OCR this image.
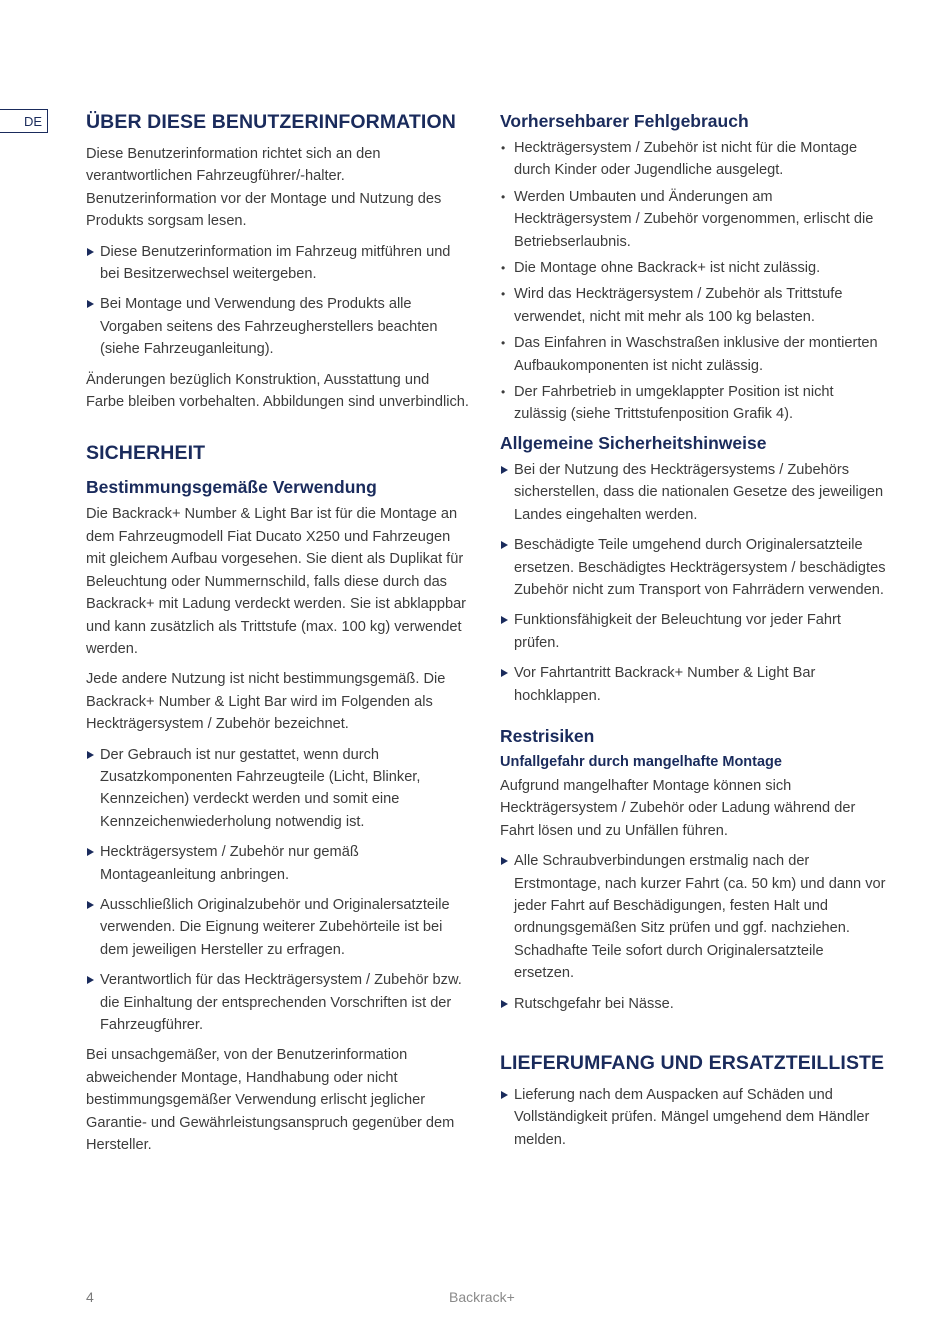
DE	ÜBER DIESE BENUTZERINFORMATION

Diese Benutzerinformation richtet sich an den verantwortlichen Fahrzeugführer/-halter. Benutzerinformation vor der Montage und Nutzung des Produkts sorgsam lesen.

Diese Benutzerinformation im Fahrzeug mitführen und bei Besitzerwechsel weitergeben.
Bei Montage und Verwendung des Produkts alle Vorgaben seitens des Fahrzeugherstellers beachten (siehe Fahrzeuganleitung).

Änderungen bezüglich Konstruktion, Ausstattung und Farbe bleiben vorbehalten. Abbildungen sind unverbindlich.

SICHERHEIT
Bestimmungsgemäße Verwendung

Die Backrack+ Number & Light Bar ist für die Montage an dem Fahrzeugmodell Fiat Ducato X250 und Fahrzeugen mit gleichem Aufbau vorgesehen. Sie dient als Duplikat für Beleuchtung oder Nummernschild, falls diese durch das Backrack+ mit Ladung verdeckt werden. Sie ist abklappbar und kann zusätzlich als Trittstufe (max. 100 kg) verwendet werden.

Jede andere Nutzung ist nicht bestimmungsgemäß. Die Backrack+ Number & Light Bar wird im Folgenden als Heckträgersystem / Zubehör bezeichnet.

Der Gebrauch ist nur gestattet, wenn durch Zusatzkomponenten Fahrzeugteile (Licht, Blinker, Kennzeichen) verdeckt werden und somit eine Kennzeichenwiederholung notwendig ist.
Heckträgersystem / Zubehör nur gemäß Montageanleitung anbringen.
Ausschließlich Originalzubehör und Originalersatzteile verwenden. Die Eignung weiterer Zubehörteile ist bei dem jeweiligen Hersteller zu erfragen.
Verantwortlich für das Heckträgersystem / Zubehör bzw. die Einhaltung der entsprechenden Vorschriften ist der Fahrzeugführer.

Bei unsachgemäßer, von der Benutzerinformation abweichender Montage, Handhabung oder nicht bestimmungsgemäßer Verwendung erlischt jeglicher Garantie- und Gewährleistungsanspruch gegenüber dem Hersteller.

Vorhersehbarer Fehlgebrauch
• Heckträgersystem / Zubehör ist nicht für die Montage durch Kinder oder Jugendliche ausgelegt.
• Werden Umbauten und Änderungen am Heckträgersystem / Zubehör vorgenommen, erlischt die Betriebserlaubnis.
• Die Montage ohne Backrack+ ist nicht zulässig.
• Wird das Heckträgersystem / Zubehör als Trittstufe verwendet, nicht mit mehr als 100 kg belasten.
• Das Einfahren in Waschstraßen inklusive der montierten Aufbaukomponenten ist nicht zulässig.
• Der Fahrbetrieb in umgeklappter Position ist nicht zulässig (siehe Trittstufenposition Grafik 4).
Allgemeine Sicherheitshinweise
Bei der Nutzung des Heckträgersystems / Zubehörs sicherstellen, dass die nationalen Gesetze des jeweiligen Landes eingehalten werden.
Beschädigte Teile umgehend durch Originalersatzteile ersetzen. Beschädigtes Heckträgersystem / beschädigtes Zubehör nicht zum Transport von Fahrrädern verwenden.
Funktionsfähigkeit der Beleuchtung vor jeder Fahrt prüfen.
Vor Fahrtantritt Backrack+ Number & Light Bar hochklappen.
Restrisiken
Unfallgefahr durch mangelhafte Montage

Aufgrund mangelhafter Montage können sich Heckträgersystem / Zubehör oder Ladung während der Fahrt lösen und zu Unfällen führen.

Alle Schraubverbindungen erstmalig nach der Erstmontage, nach kurzer Fahrt (ca. 50 km) und dann vor jeder Fahrt auf Beschädigungen, festen Halt und ordnungsgemäßen Sitz prüfen und ggf. nachziehen. Schadhafte Teile sofort durch Originalersatzteile ersetzen.
Rutschgefahr bei Nässe.
LIEFERUMFANG UND ERSATZTEILLISTE
Lieferung nach dem Auspacken auf Schäden und Vollständigkeit prüfen. Mängel umgehend dem Händler melden.
4	Backrack+
